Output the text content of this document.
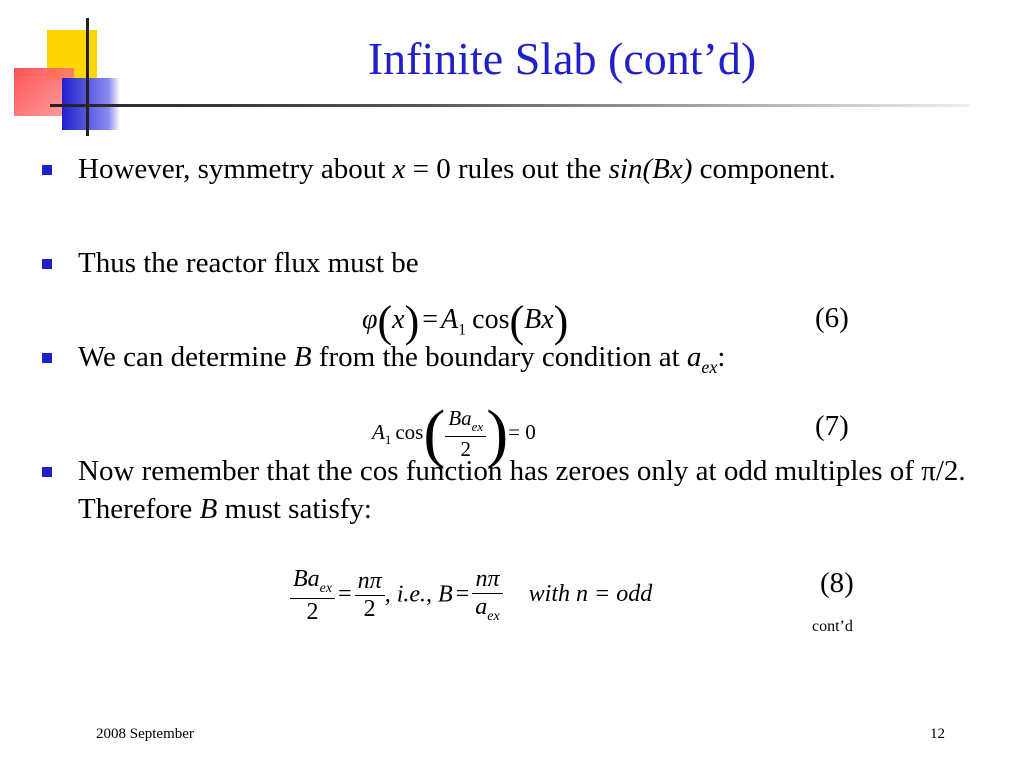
Infinite Slab (cont’d)
However, symmetry about x = 0 rules out the sin(Bx) component.
Thus the reactor flux must be
We can determine B from the boundary condition at $a_{ex}$:
Now remember that the cos function has zeroes only at odd multiples of π/2. Therefore B must satisfy:
$\varphi(x) = A_1$ cos(Bx)	(6)
$A_1$ $\cos( \frac{Ba_{ex}}{2}$ )= 0	(7)
$\frac{Ba_{ex}}{2} = \frac{n\pi}{2}$ , i.e., $B = \frac{n\pi}{a_{ex}}$ with n = odd	(8)
cont’d
2008 September	12
